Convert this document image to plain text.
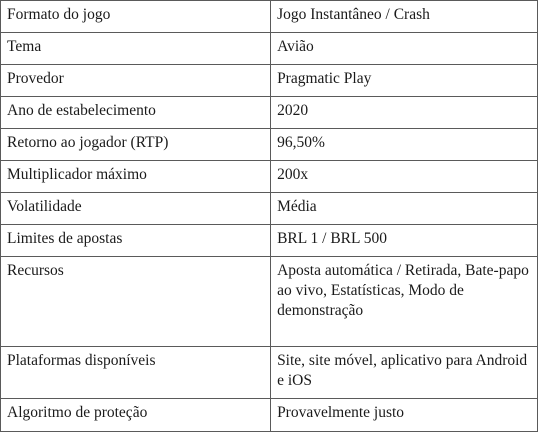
Formato do jogo	Jogo Instantâneo / Crash
Tema	Avião
Provedor	Pragmatic Play
Ano de estabelecimento	2020
Retorno ao jogador (RTP)	96,50%
Multiplicador máximo	200x
Volatilidade	Média
Limites de apostas	BRL 1 / BRL 500
Recursos	Aposta automática / Retirada, Bate-papo ao vivo, Estatísticas, Modo de demonstração
Plataformas disponíveis	Site, site móvel, aplicativo para Android e iOS
Algoritmo de proteção	Provavelmente justo
